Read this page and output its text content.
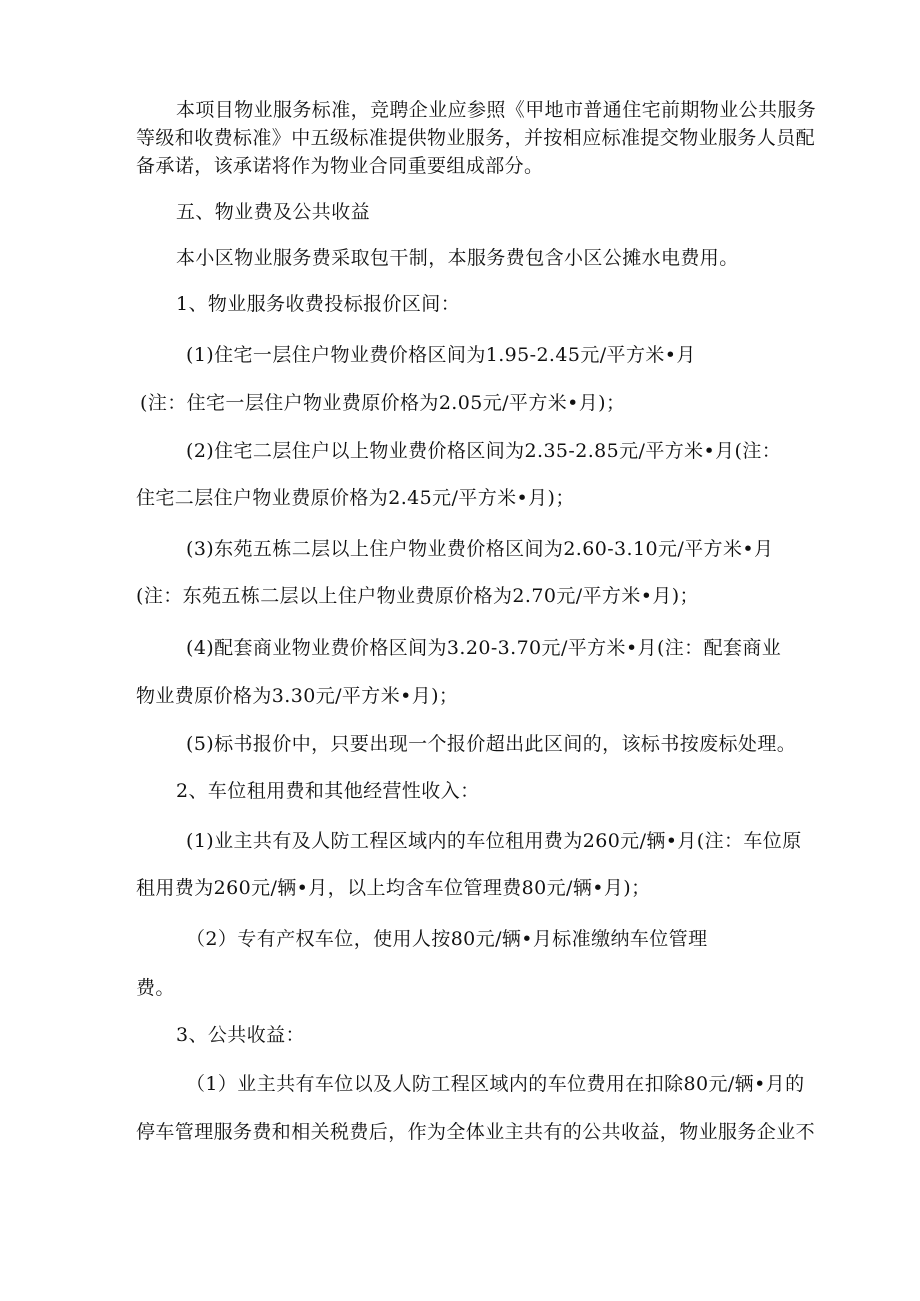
本项目物业服务标准，竞聘企业应参照《甲地市普通住宅前期物业公共服务
等级和收费标准》中五级标准提供物业服务，并按相应标准提交物业服务人员配
备承诺，该承诺将作为物业合同重要组成部分。
五、物业费及公共收益
本小区物业服务费采取包干制，本服务费包含小区公摊水电费用。
1、物业服务收费投标报价区间：
(1)住宅一层住户物业费价格区间为1.95-2.45元/平方米•月
(注：住宅一层住户物业费原价格为2.05元/平方米•月)；
(2)住宅二层住户以上物业费价格区间为2.35-2.85元/平方米•月(注：
住宅二层住户物业费原价格为2.45元/平方米•月)；
(3)东苑五栋二层以上住户物业费价格区间为2.60-3.10元/平方米•月
(注：东苑五栋二层以上住户物业费原价格为2.70元/平方米•月)；
(4)配套商业物业费价格区间为3.20-3.70元/平方米•月(注：配套商业
物业费原价格为3.30元/平方米•月)；
(5)标书报价中，只要出现一个报价超出此区间的，该标书按废标处理。
2、车位租用费和其他经营性收入：
(1)业主共有及人防工程区域内的车位租用费为260元/辆•月(注：车位原
租用费为260元/辆•月，以上均含车位管理费80元/辆•月)；
（2）专有产权车位，使用人按80元/辆•月标准缴纳车位管理
费。
3、公共收益：
（1）业主共有车位以及人防工程区域内的车位费用在扣除80元/辆•月的
停车管理服务费和相关税费后，作为全体业主共有的公共收益，物业服务企业不
